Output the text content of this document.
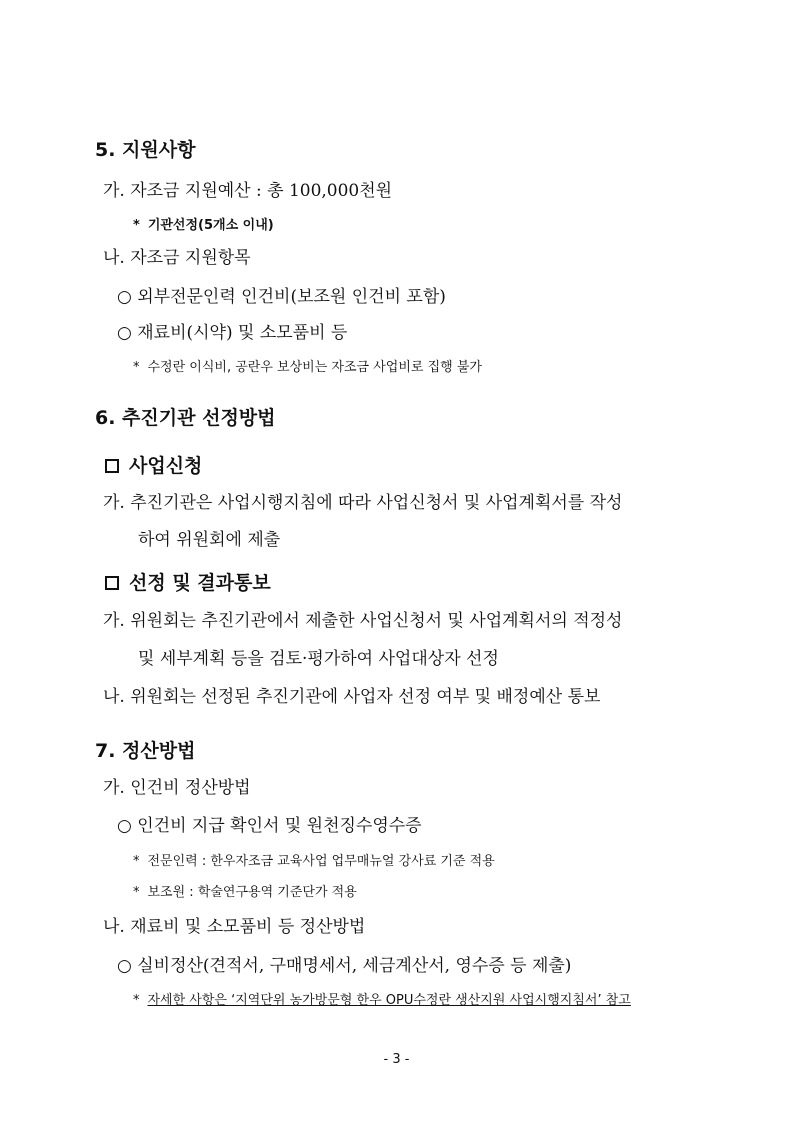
5. 지원사항
가. 자조금 지원예산 : 총 100,000천원
* 기관선정(5개소 이내)
나. 자조금 지원항목
○ 외부전문인력 인건비(보조원 인건비 포함)
○ 재료비(시약) 및 소모품비 등
* 수정란 이식비, 공란우 보상비는 자조금 사업비로 집행 불가
6. 추진기관 선정방법
사업신청
가. 추진기관은 사업시행지침에 따라 사업신청서 및 사업계획서를 작성
하여 위원회에 제출
선정 및 결과통보
가. 위원회는 추진기관에서 제출한 사업신청서 및 사업계획서의 적정성
및 세부계획 등을 검토·평가하여 사업대상자 선정
나. 위원회는 선정된 추진기관에 사업자 선정 여부 및 배정예산 통보
7. 정산방법
가. 인건비 정산방법
○ 인건비 지급 확인서 및 원천징수영수증
* 전문인력 : 한우자조금 교육사업 업무매뉴얼 강사료 기준 적용
* 보조원 : 학술연구용역 기준단가 적용
나. 재료비 및 소모품비 등 정산방법
○ 실비정산(견적서, 구매명세서, 세금계산서, 영수증 등 제출)
* 자세한 사항은 ‘지역단위 농가방문형 한우 OPU수정란 생산지원 사업시행지침서’ 참고
- 3 -
